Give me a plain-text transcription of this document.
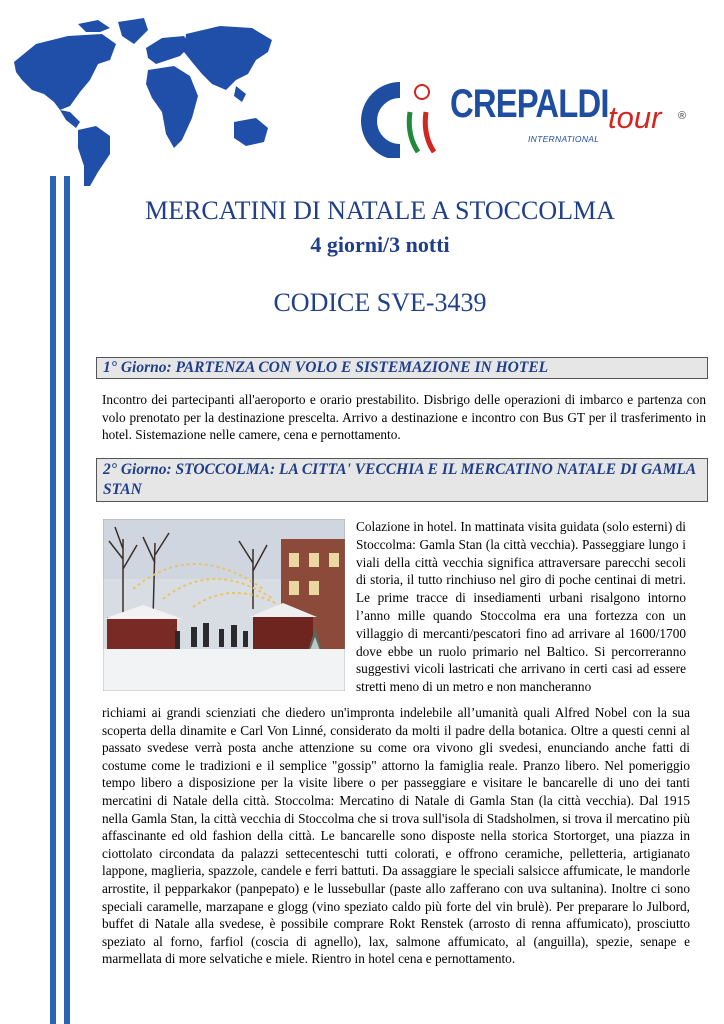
CREPALDI tour
INTERNATIONAL
®
MERCATINI DI NATALE A STOCCOLMA
4 giorni/3 notti
CODICE SVE-3439
1° Giorno: PARTENZA CON VOLO E SISTEMAZIONE IN HOTEL
Incontro dei partecipanti all'aeroporto e orario prestabilito. Disbrigo delle operazioni di imbarco e partenza con volo prenotato per la destinazione prescelta. Arrivo a destinazione e incontro con Bus GT per il trasferimento in hotel. Sistemazione nelle camere, cena e pernottamento.
2° Giorno: STOCCOLMA: LA CITTA' VECCHIA E IL MERCATINO NATALE DI GAMLA STAN
Colazione in hotel. In mattinata visita guidata (solo esterni) di Stoccolma: Gamla Stan (la città vecchia). Passeggiare lungo i viali della città vecchia significa attraversare parecchi secoli di storia, il tutto rinchiuso nel giro di poche centinai di metri. Le prime tracce di insediamenti urbani risalgono intorno l’anno mille quando Stoccolma era una fortezza con un villaggio di mercanti/pescatori fino ad arrivare al 1600/1700 dove ebbe un ruolo primario nel Baltico. Si percorreranno suggestivi vicoli lastricati che arrivano in certi casi ad essere stretti meno di un metro e non mancheranno
richiami ai grandi scienziati che diedero un'impronta indelebile all’umanità quali Alfred Nobel con la sua scoperta della dinamite e Carl Von Linné, considerato da molti il padre della botanica. Oltre a questi cenni al passato svedese verrà posta anche attenzione su come ora vivono gli svedesi, enunciando anche fatti di costume come le tradizioni e il semplice "gossip" attorno la famiglia reale. Pranzo libero. Nel pomeriggio tempo libero a disposizione per la visite libere o per passeggiare e visitare le bancarelle di uno dei tanti mercatini di Natale della città. Stoccolma: Mercatino di Natale di Gamla Stan (la città vecchia). Dal 1915 nella Gamla Stan, la città vecchia di Stoccolma che si trova sull'isola di Stadsholmen, si trova il mercatino più affascinante ed old fashion della città. Le bancarelle sono disposte nella storica Stortorget, una piazza in ciottolato circondata da palazzi settecenteschi tutti colorati, e offrono ceramiche, pelletteria, artigianato lappone, maglieria, spazzole, candele e ferri battuti. Da assaggiare le speciali salsicce affumicate, le mandorle arrostite, il pepparkakor (panpepato) e le lussebullar (paste allo zafferano con uva sultanina). Inoltre ci sono speciali caramelle, marzapane e glogg (vino speziato caldo più forte del vin brulè). Per preparare lo Julbord, buffet di Natale alla svedese, è possibile comprare Rokt Renstek (arrosto di renna affumicato), prosciutto speziato al forno, farfiol (coscia di agnello), lax, salmone affumicato, al (anguilla), spezie, senape e marmellata di more selvatiche e miele. Rientro in hotel cena e pernottamento.
